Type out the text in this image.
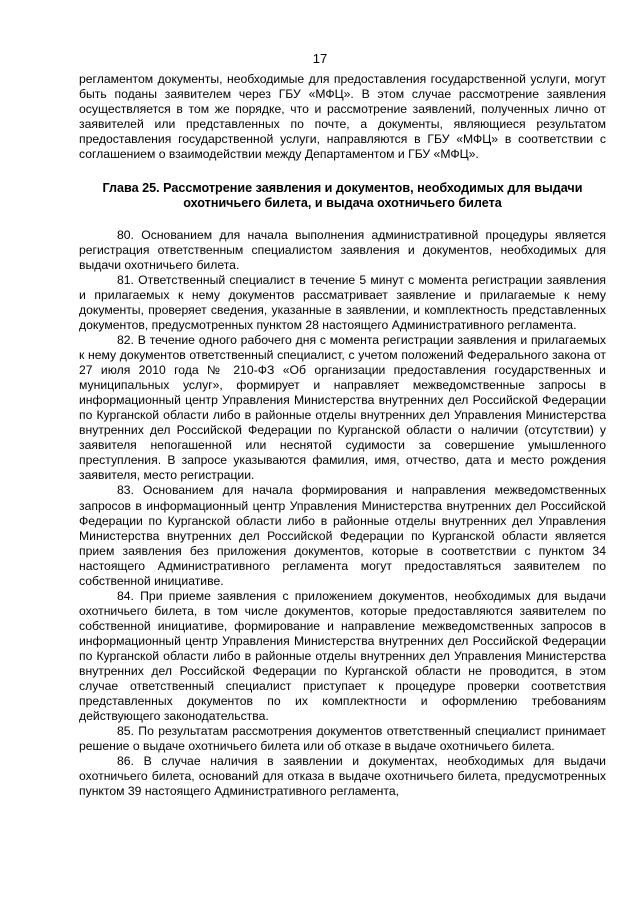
17

регламентом документы, необходимые для предоставления государственной услуги, могут быть поданы заявителем через ГБУ «МФЦ». В этом случае рассмотрение заявления осуществляется в том же порядке, что и рассмотрение заявлений, полученных лично от заявителей или представленных по почте, а документы, являющиеся результатом предоставления государственной услуги, направляются в ГБУ «МФЦ» в соответствии с соглашением о взаимодействии между Департаментом и ГБУ «МФЦ».

Глава 25. Рассмотрение заявления и документов, необходимых для выдачи охотничьего билета, и выдача охотничьего билета

80. Основанием для начала выполнения административной процедуры является регистрация ответственным специалистом заявления и документов, необходимых для выдачи охотничьего билета.

81. Ответственный специалист в течение 5 минут с момента регистрации заявления и прилагаемых к нему документов рассматривает заявление и прилагаемые к нему документы, проверяет сведения, указанные в заявлении, и комплектность представленных документов, предусмотренных пунктом 28 настоящего Административного регламента.

82. В течение одного рабочего дня с момента регистрации заявления и прилагаемых к нему документов ответственный специалист, с учетом положений Федерального закона от 27 июля 2010 года № 210-ФЗ «Об организации предоставления государственных и муниципальных услуг», формирует и направляет межведомственные запросы в информационный центр Управления Министерства внутренних дел Российской Федерации по Курганской области либо в районные отделы внутренних дел Управления Министерства внутренних дел Российской Федерации по Курганской области о наличии (отсутствии) у заявителя непогашенной или неснятой судимости за совершение умышленного преступления. В запросе указываются фамилия, имя, отчество, дата и место рождения заявителя, место регистрации.

83. Основанием для начала формирования и направления межведомственных запросов в информационный центр Управления Министерства внутренних дел Российской Федерации по Курганской области либо в районные отделы внутренних дел Управления Министерства внутренних дел Российской Федерации по Курганской области является прием заявления без приложения документов, которые в соответствии с пунктом 34 настоящего Административного регламента могут предоставляться заявителем по собственной инициативе.

84. При приеме заявления с приложением документов, необходимых для выдачи охотничьего билета, в том числе документов, которые предоставляются заявителем по собственной инициативе, формирование и направление межведомственных запросов в информационный центр Управления Министерства внутренних дел Российской Федерации по Курганской области либо в районные отделы внутренних дел Управления Министерства внутренних дел Российской Федерации по Курганской области не проводится, в этом случае ответственный специалист приступает к процедуре проверки соответствия представленных документов по их комплектности и оформлению требованиям действующего законодательства.

85. По результатам рассмотрения документов ответственный специалист принимает решение о выдаче охотничьего билета или об отказе в выдаче охотничьего билета.

86. В случае наличия в заявлении и документах, необходимых для выдачи охотничьего билета, оснований для отказа в выдаче охотничьего билета, предусмотренных пунктом 39 настоящего Административного регламента,
